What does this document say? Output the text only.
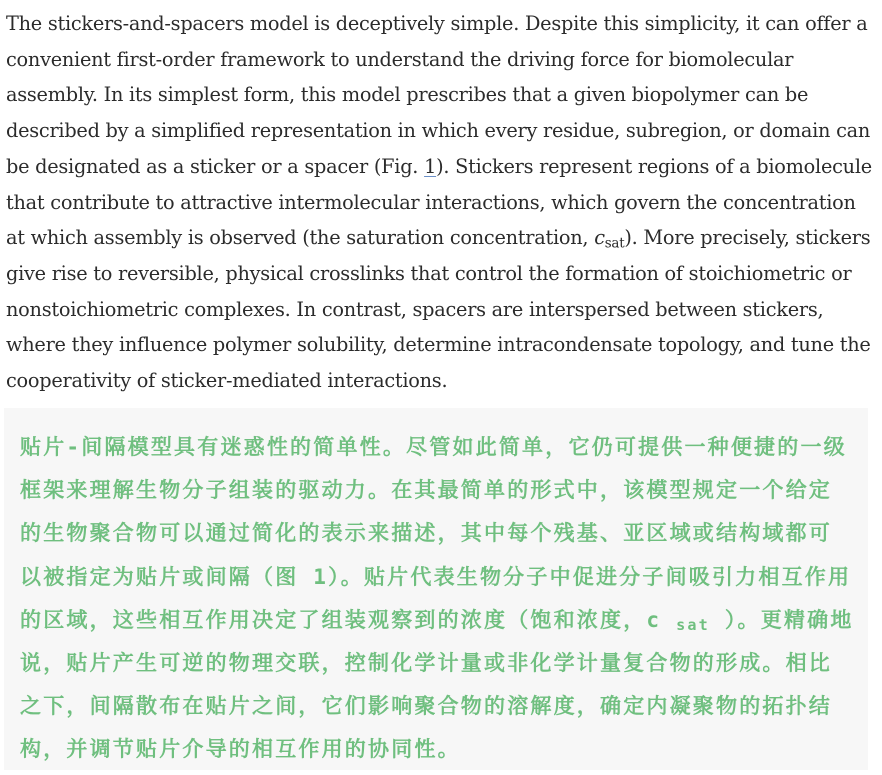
The stickers-and-spacers model is deceptively simple. Despite this simplicity, it can offer a convenient first-order framework to understand the driving force for biomolecular assembly. In its simplest form, this model prescribes that a given biopolymer can be described by a simplified representation in which every residue, subregion, or domain can be designated as a sticker or a spacer (Fig. 1). Stickers represent regions of a biomolecule that contribute to attractive intermolecular interactions, which govern the concentration at which assembly is observed (the saturation concentration, $c_{sat}$). More precisely, stickers give rise to reversible, physical crosslinks that control the formation of stoichiometric or nonstoichiometric complexes. In contrast, spacers are interspersed between stickers, where they influence polymer solubility, determine intracondensate topology, and tune the cooperativity of sticker-mediated interactions.

贴片-间隔模型具有迷惑性的简单性。尽管如此简单，它仍可提供一种便捷的一级框架来理解生物分子组装的驱动力。在其最简单的形式中，该模型规定一个给定的生物聚合物可以通过简化的表示来描述，其中每个残基、亚区域或结构域都可以被指定为贴片或间隔（图 1）。贴片代表生物分子中促进分子间吸引力相互作用的区域，这些相互作用决定了组装观察到的浓度（饱和浓度，c $_{sat}$ ）。更精确地说，贴片产生可逆的物理交联，控制化学计量或非化学计量复合物的形成。相比之下，间隔散布在贴片之间，它们影响聚合物的溶解度，确定内凝聚物的拓扑结构，并调节贴片介导的相互作用的协同性。
